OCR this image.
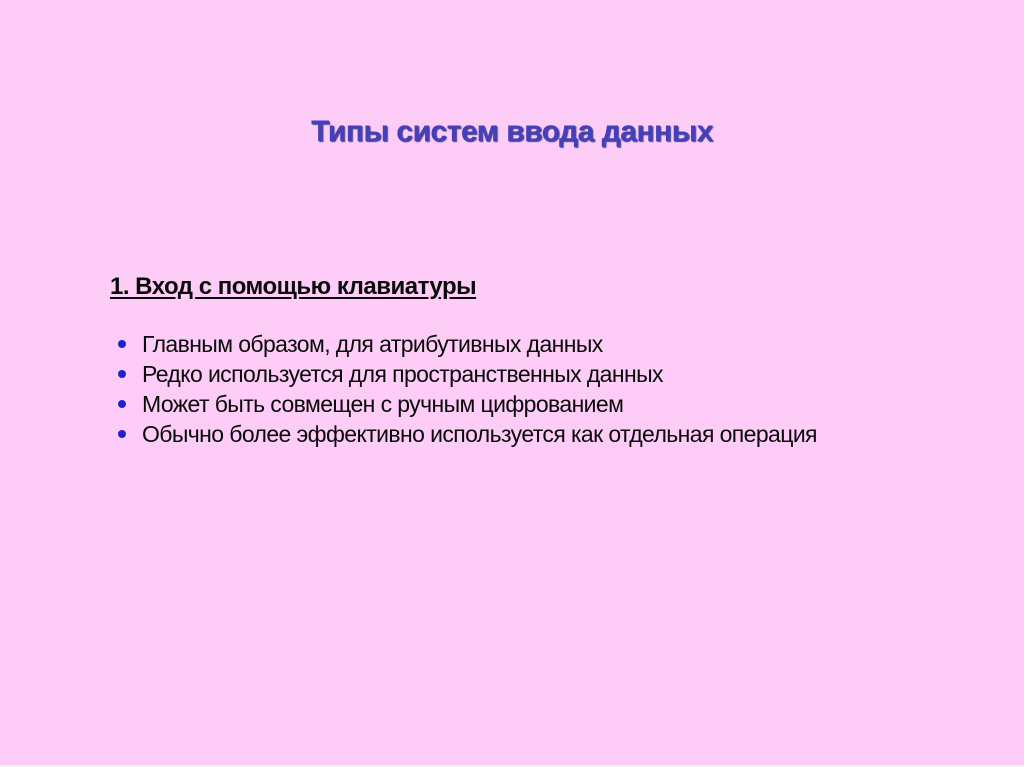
Типы систем ввода данных
1. Вход с помощью клавиатуры
Главным образом, для атрибутивных данных
Редко используется для пространственных данных
Может быть совмещен с ручным цифрованием
Обычно более эффективно используется как отдельная операция
